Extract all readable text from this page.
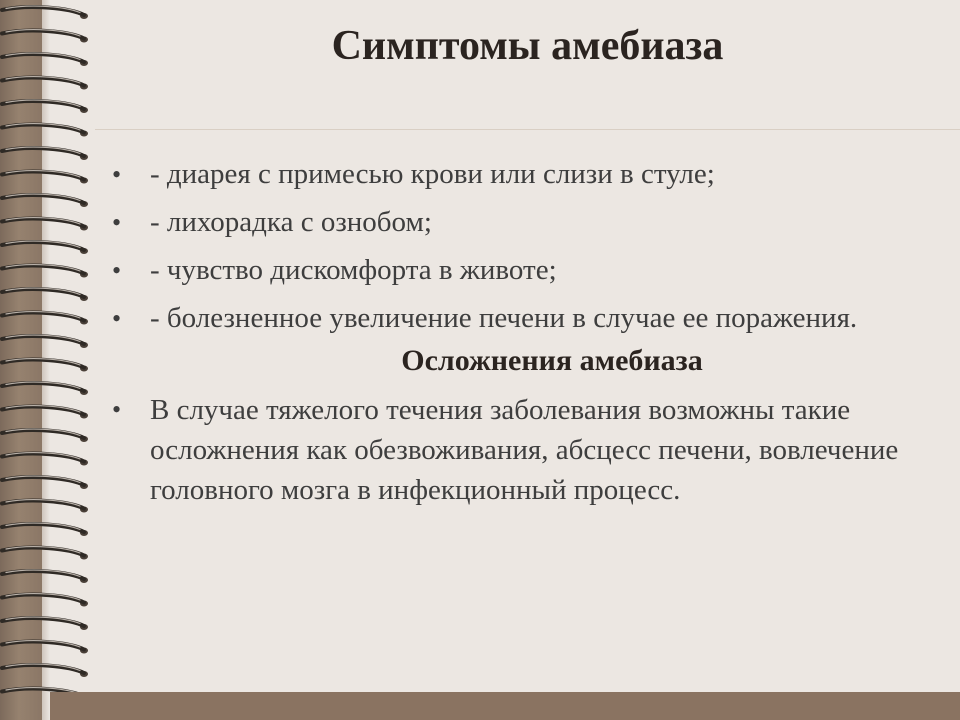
Симптомы амебиаза
• - диарея с примесью крови или слизи в стуле;
• - лихорадка с ознобом;
• - чувство дискомфорта в животе;
• - болезненное увеличение печени в случае ее поражения.
Осложнения амебиаза
• В случае тяжелого течения заболевания возможны такие осложнения как обезвоживания, абсцесс печени, вовлечение головного мозга в инфекционный процесс.
